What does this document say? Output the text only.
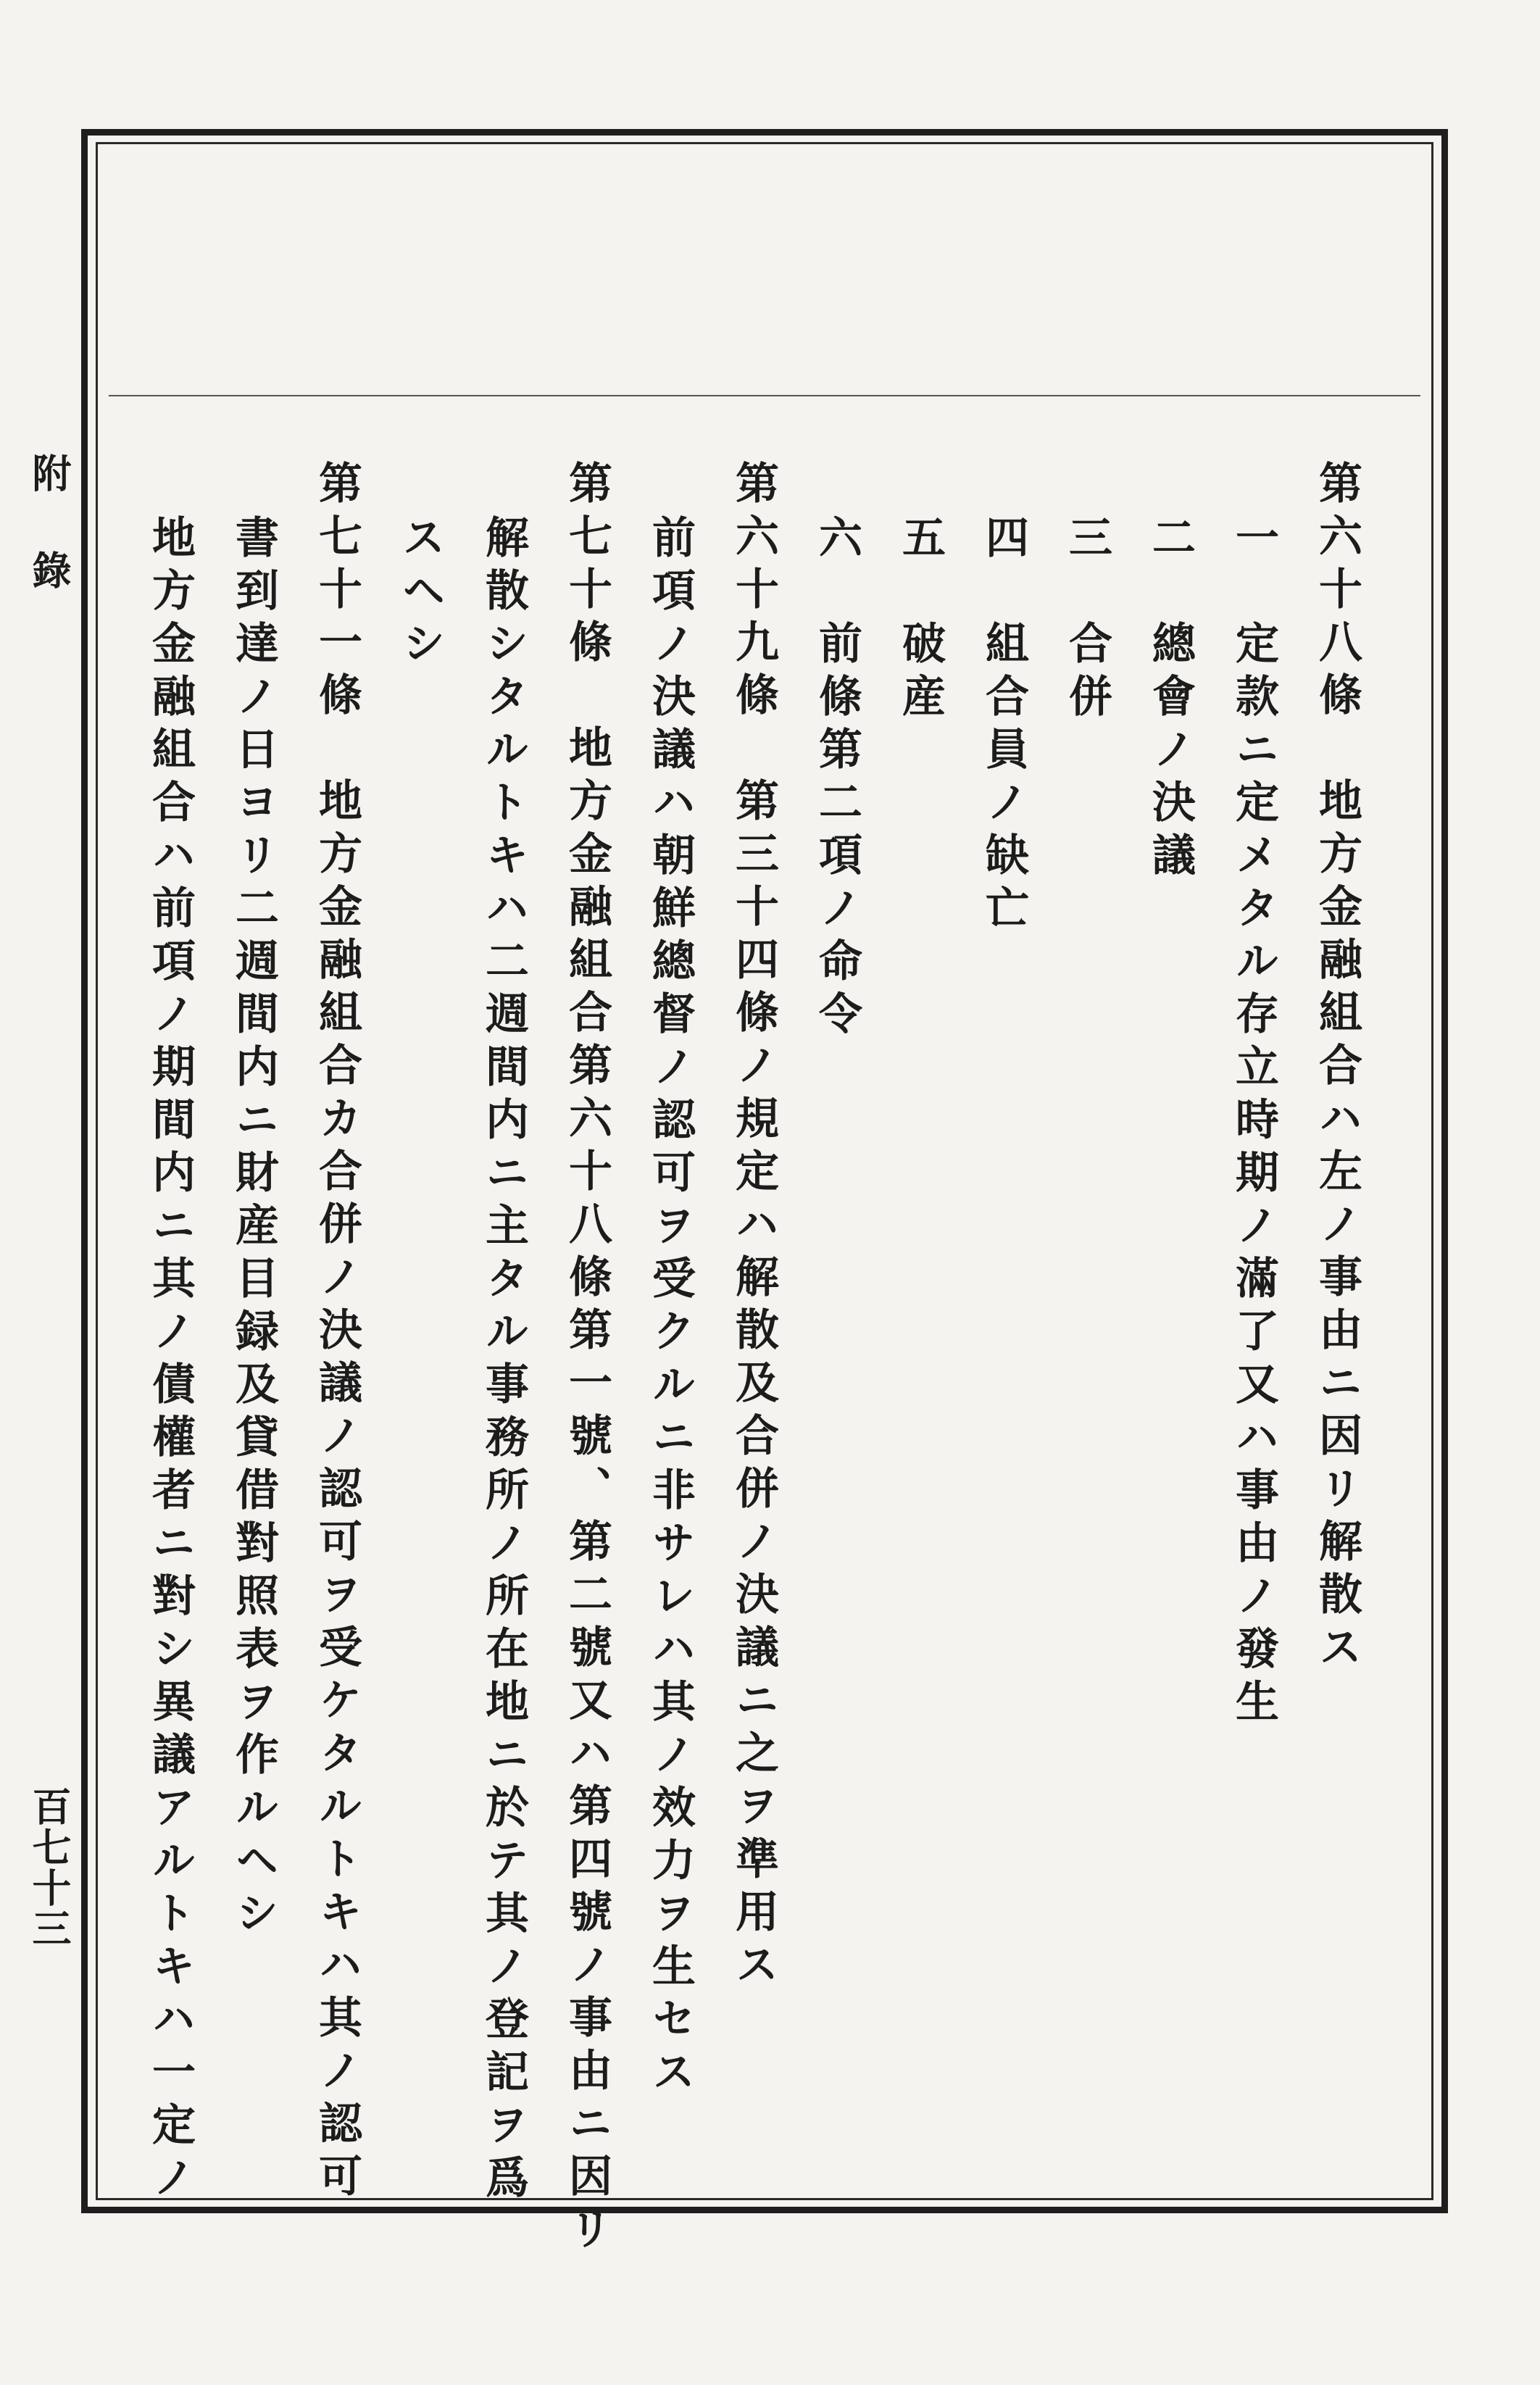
附錄
百七十三
第六十八條　地方金融組合ハ左ノ事由ニ因リ解散ス
一　定款ニ定メタル存立時期ノ滿了又ハ事由ノ發生
二　總會ノ決議
三　合併
四　組合員ノ缺亡
五　破産
六　前條第二項ノ命令
第六十九條　第三十四條ノ規定ハ解散及合併ノ決議ニ之ヲ準用ス
前項ノ決議ハ朝鮮總督ノ認可ヲ受クルニ非サレハ其ノ效力ヲ生セス
第七十條　地方金融組合第六十八條第一號、第二號又ハ第四號ノ事由ニ因リ
解散シタルトキハ二週間内ニ主タル事務所ノ所在地ニ於テ其ノ登記ヲ爲
スヘシ
第七十一條　地方金融組合カ合併ノ決議ノ認可ヲ受ケタルトキハ其ノ認可
書到達ノ日ヨリ二週間内ニ財産目録及貸借對照表ヲ作ルヘシ
地方金融組合ハ前項ノ期間内ニ其ノ債權者ニ對シ異議アルトキハ一定ノ
